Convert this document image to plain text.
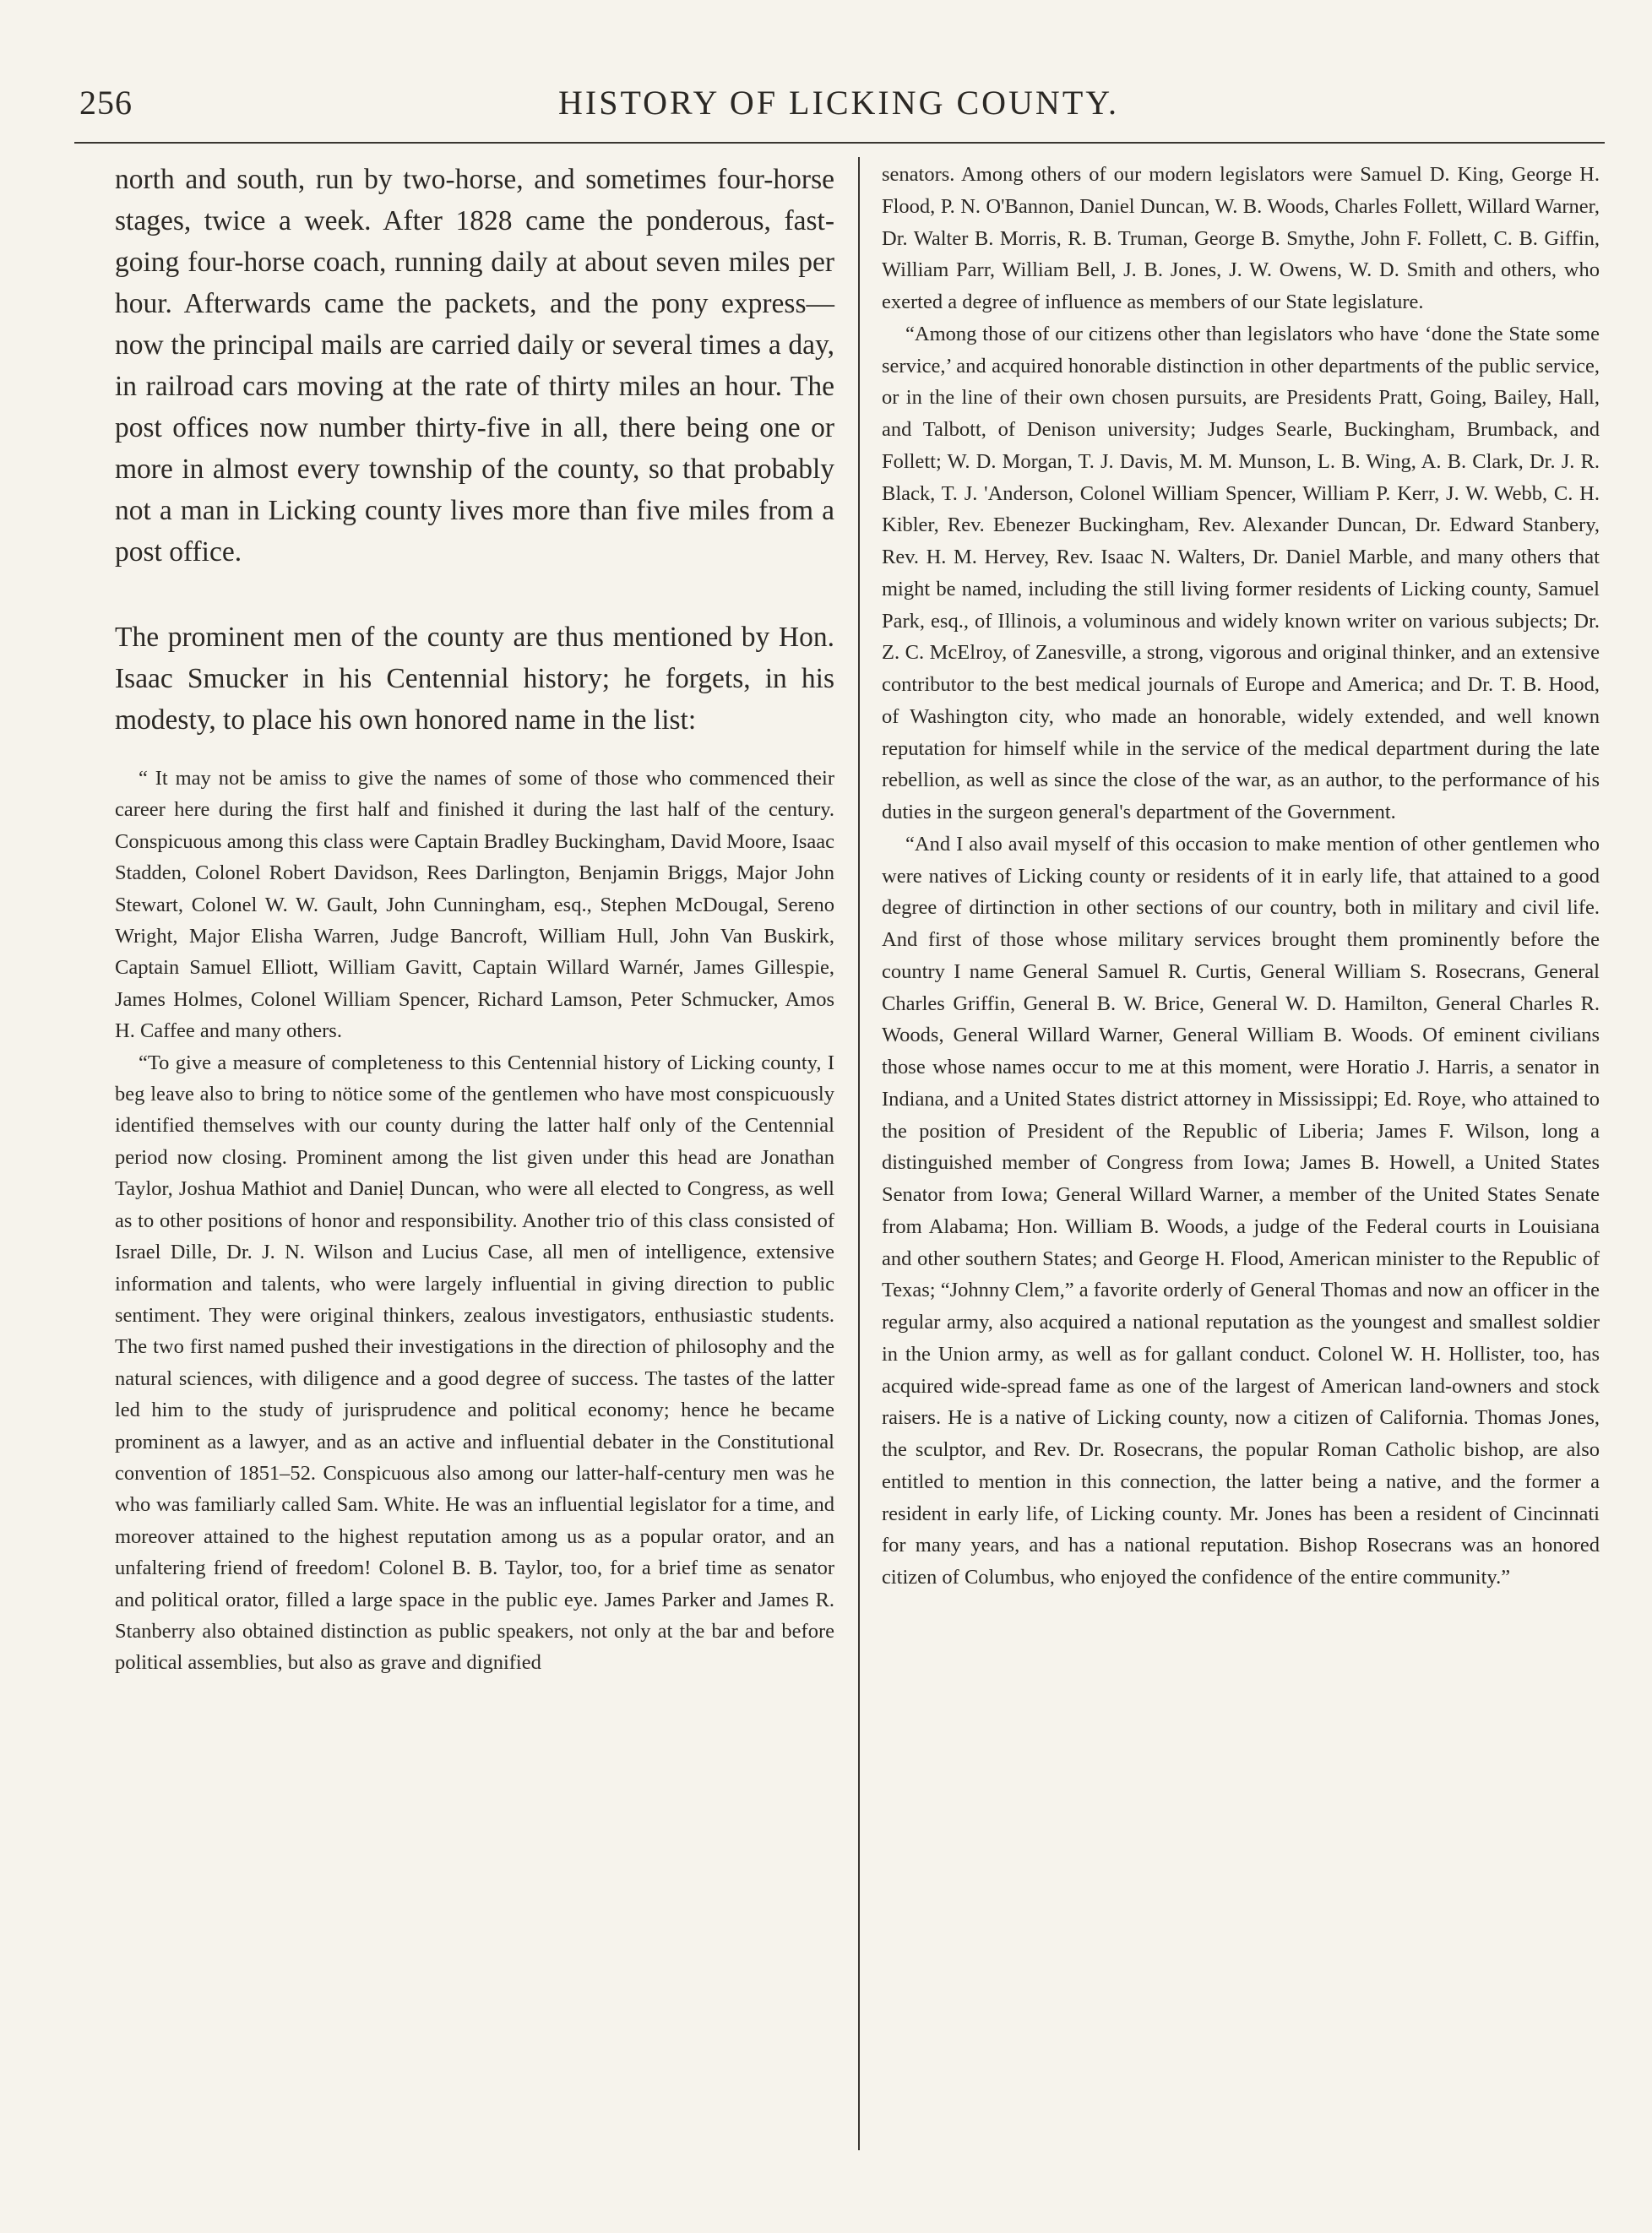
256	HISTORY OF LICKING COUNTY.

north and south, run by two-horse, and sometimes four-horse stages, twice a week. After 1828 came the ponderous, fast-going four-horse coach, running daily at about seven miles per hour. Afterwards came the packets, and the pony express—now the principal mails are carried daily or several times a day, in railroad cars moving at the rate of thirty miles an hour. The post offices now number thirty-five in all, there being one or more in almost every township of the county, so that probably not a man in Licking county lives more than five miles from a post office.

The prominent men of the county are thus mentioned by Hon. Isaac Smucker in his Centennial history; he forgets, in his modesty, to place his own honored name in the list:

“ It may not be amiss to give the names of some of those who commenced their career here during the first half and finished it during the last half of the century. Conspicuous among this class were Captain Bradley Buckingham, David Moore, Isaac Stadden, Colonel Robert Davidson, Rees Darlington, Benjamin Briggs, Major John Stewart, Colonel W. W. Gault, John Cunningham, esq., Stephen McDougal, Sereno Wright, Major Elisha Warren, Judge Bancroft, William Hull, John Van Buskirk, Captain Samuel Elliott, William Gavitt, Captain Willard Warnér, James Gillespie, James Holmes, Colonel William Spencer, Richard Lamson, Peter Schmucker, Amos H. Caffee and many others.

“To give a measure of completeness to this Centennial history of Licking county, I beg leave also to bring to nötice some of the gentlemen who have most conspicuously identified themselves with our county during the latter half only of the Centennial period now closing. Prominent among the list given under this head are Jonathan Taylor, Joshua Mathiot and Danieļ Duncan, who were all elected to Congress, as well as to other positions of honor and responsibility. Another trio of this class consisted of Israel Dille, Dr. J. N. Wilson and Lucius Case, all men of intelligence, extensive information and talents, who were largely influential in giving direction to public sentiment. They were original thinkers, zealous investigators, enthusiastic students. The two first named pushed their investigations in the direction of philosophy and the natural sciences, with diligence and a good degree of success. The tastes of the latter led him to the study of jurisprudence and political economy; hence he became prominent as a lawyer, and as an active and influential debater in the Constitutional convention of 1851–52. Conspicuous also among our latter-half-century men was he who was familiarly called Sam. White. He was an influential legislator for a time, and moreover attained to the highest reputation among us as a popular orator, and an unfaltering friend of freedom! Colonel B. B. Taylor, too, for a brief time as senator and political orator, filled a large space in the public eye. James Parker and James R. Stanberry also obtained distinction as public speakers, not only at the bar and before political assemblies, but also as grave and dignified

senators. Among others of our modern legislators were Samuel D. King, George H. Flood, P. N. O'Bannon, Daniel Duncan, W. B. Woods, Charles Follett, Willard Warner, Dr. Walter B. Morris, R. B. Truman, George B. Smythe, John F. Follett, C. B. Giffin, William Parr, William Bell, J. B. Jones, J. W. Owens, W. D. Smith and others, who exerted a degree of influence as members of our State legislature.

“Among those of our citizens other than legislators who have ‘done the State some service,’ and acquired honorable distinction in other departments of the public service, or in the line of their own chosen pursuits, are Presidents Pratt, Going, Bailey, Hall, and Talbott, of Denison university; Judges Searle, Buckingham, Brumback, and Follett; W. D. Morgan, T. J. Davis, M. M. Munson, L. B. Wing, A. B. Clark, Dr. J. R. Black, T. J. 'Anderson, Colonel William Spencer, William P. Kerr, J. W. Webb, C. H. Kibler, Rev. Ebenezer Buckingham, Rev. Alexander Duncan, Dr. Edward Stanbery, Rev. H. M. Hervey, Rev. Isaac N. Walters, Dr. Daniel Marble, and many others that might be named, including the still living former residents of Licking county, Samuel Park, esq., of Illinois, a voluminous and widely known writer on various subjects; Dr. Z. C. McElroy, of Zanesville, a strong, vigorous and original thinker, and an extensive contributor to the best medical journals of Europe and America; and Dr. T. B. Hood, of Washington city, who made an honorable, widely extended, and well known reputation for himself while in the service of the medical department during the late rebellion, as well as since the close of the war, as an author, to the performance of his duties in the surgeon general's department of the Government.

“And I also avail myself of this occasion to make mention of other gentlemen who were natives of Licking county or residents of it in early life, that attained to a good degree of dirtinction in other sections of our country, both in military and civil life. And first of those whose military services brought them prominently before the country I name General Samuel R. Curtis, General William S. Rosecrans, General Charles Griffin, General B. W. Brice, General W. D. Hamilton, General Charles R. Woods, General Willard Warner, General William B. Woods. Of eminent civilians those whose names occur to me at this moment, were Horatio J. Harris, a senator in Indiana, and a United States district attorney in Mississippi; Ed. Roye, who attained to the position of President of the Republic of Liberia; James F. Wilson, long a distinguished member of Congress from Iowa; James B. Howell, a United States Senator from Iowa; General Willard Warner, a member of the United States Senate from Alabama; Hon. William B. Woods, a judge of the Federal courts in Louisiana and other southern States; and George H. Flood, American minister to the Republic of Texas; “Johnny Clem,” a favorite orderly of General Thomas and now an officer in the regular army, also acquired a national reputation as the youngest and smallest soldier in the Union army, as well as for gallant conduct. Colonel W. H. Hollister, too, has acquired wide-spread fame as one of the largest of American land-owners and stock raisers. He is a native of Licking county, now a citizen of California. Thomas Jones, the sculptor, and Rev. Dr. Rosecrans, the popular Roman Catholic bishop, are also entitled to mention in this connection, the latter being a native, and the former a resident in early life, of Licking county. Mr. Jones has been a resident of Cincinnati for many years, and has a national reputation. Bishop Rosecrans was an honored citizen of Columbus, who enjoyed the confidence of the entire community.”
